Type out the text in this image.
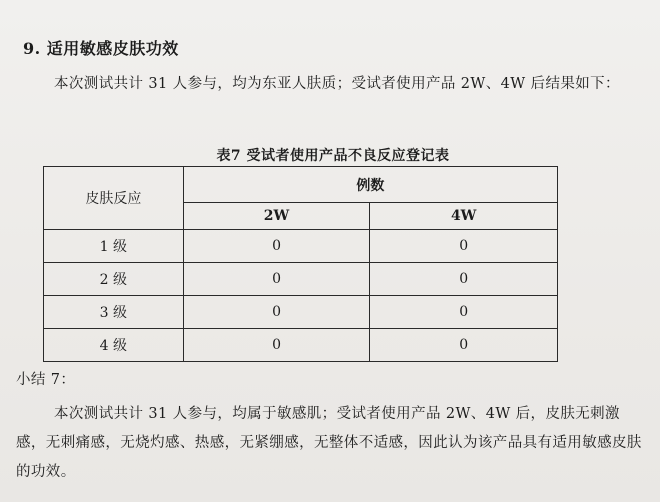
9. 适用敏感皮肤功效
本次测试共计 31 人参与，均为东亚人肤质；受试者使用产品 2W、4W 后结果如下：
表7 受试者使用产品不良反应登记表
皮肤反应	例数	
	2W	4W
1 级	0	0
2 级	0	0
3 级	0	0
4 级	0	0
小结 7：
本次测试共计 31 人参与，均属于敏感肌；受试者使用产品 2W、4W 后，皮肤无刺激感，无刺痛感，无烧灼感、热感，无紧绷感，无整体不适感，因此认为该产品具有适用敏感皮肤的功效。
